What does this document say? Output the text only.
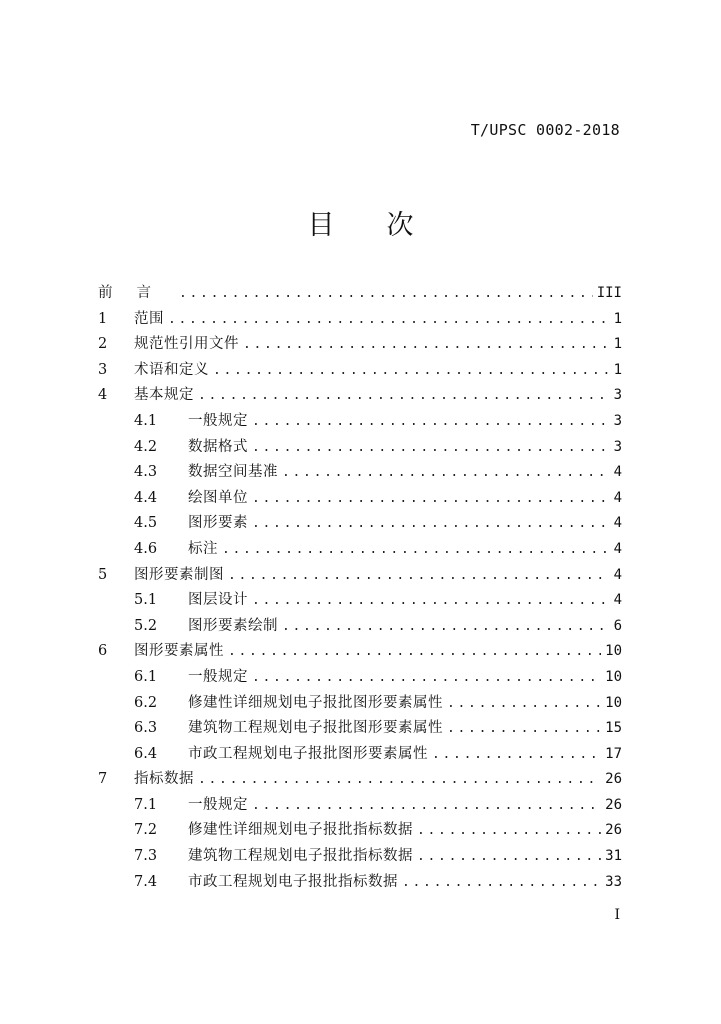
T/UPSC 0002-2018
目次
前言 .....	III
1	范围 .....	1
2	规范性引用文件 .....	1
3	术语和定义 .....	1
4	基本规定 .....	3
4.1	一般规定 .....	3
4.2	数据格式 .....	3
4.3	数据空间基准 .....	4
4.4	绘图单位 .....	4
4.5	图形要素 .....	4
4.6	标注 .....	4
5	图形要素制图 .....	4
5.1	图层设计 .....	4
5.2	图形要素绘制 .....	6
6	图形要素属性 .....	10
6.1	一般规定 .....	10
6.2	修建性详细规划电子报批图形要素属性 .....	10
6.3	建筑物工程规划电子报批图形要素属性 .....	15
6.4	市政工程规划电子报批图形要素属性 .....	17
7	指标数据 .....	26
7.1	一般规定 .....	26
7.2	修建性详细规划电子报批指标数据 .....	26
7.3	建筑物工程规划电子报批指标数据 .....	31
7.4	市政工程规划电子报批指标数据 .....	33
I
